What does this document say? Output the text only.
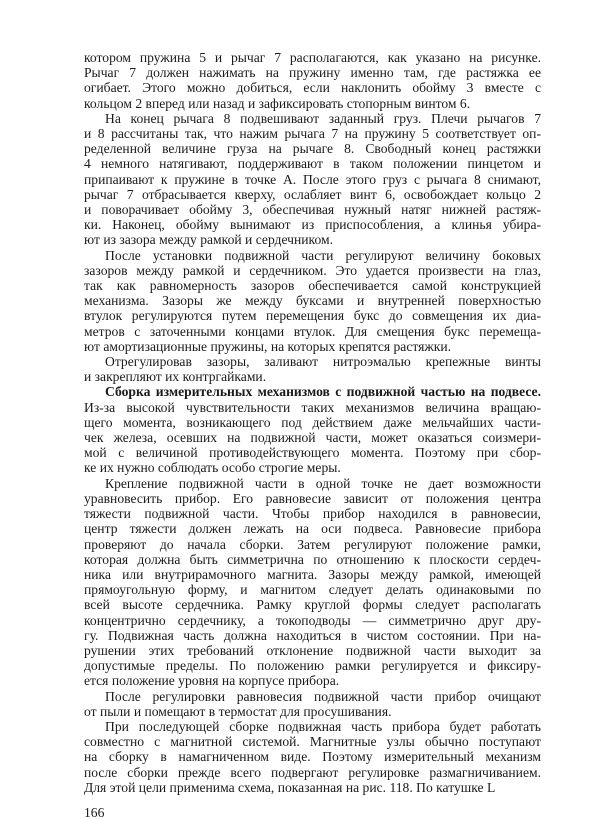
котором пружина 5 и рычаг 7 располагаются, как указано на рисунке.
Рычаг 7 должен нажимать на пружину именно там, где растяжка ее
огибает. Этого можно добиться, если наклонить обойму 3 вместе с
кольцом 2 вперед или назад и зафиксировать стопорным винтом 6.
На конец рычага 8 подвешивают заданный груз. Плечи рычагов 7
и 8 рассчитаны так, что нажим рычага 7 на пружину 5 соответствует оп-
ределенной величине груза на рычаге 8. Свободный конец растяжки
4 немного натягивают, поддерживают в таком положении пинцетом и
припаивают к пружине в точке A. После этого груз с рычага 8 снимают,
рычаг 7 отбрасывается кверху, ослабляет винт 6, освобождает кольцо 2
и поворачивает обойму 3, обеспечивая нужный натяг нижней растяж-
ки. Наконец, обойму вынимают из приспособления, а клинья убира-
ют из зазора между рамкой и сердечником.
После установки подвижной части регулируют величину боковых
зазоров между рамкой и сердечником. Это удается произвести на глаз,
так как равномерность зазоров обеспечивается самой конструкцией
механизма. Зазоры же между буксами и внутренней поверхностью
втулок регулируются путем перемещения букс до совмещения их диа-
метров с заточенными концами втулок. Для смещения букс перемеща-
ют амортизационные пружины, на которых крепятся растяжки.
Отрегулировав зазоры, заливают нитроэмалью крепежные винты
и закрепляют их контргайками.
Сборка измерительных механизмов с подвижной частью на подвесе.
Из-за высокой чувствительности таких механизмов величина вращаю-
щего момента, возникающего под действием даже мельчайших части-
чек железа, осевших на подвижной части, может оказаться соизмери-
мой с величиной противодействующего момента. Поэтому при сбор-
ке их нужно соблюдать особо строгие меры.
Крепление подвижной части в одной точке не дает возможности
уравновесить прибор. Его равновесие зависит от положения центра
тяжести подвижной части. Чтобы прибор находился в равновесии,
центр тяжести должен лежать на оси подвеса. Равновесие прибора
проверяют до начала сборки. Затем регулируют положение рамки,
которая должна быть симметрична по отношению к плоскости сердеч-
ника или внутрирамочного магнита. Зазоры между рамкой, имеющей
прямоугольную форму, и магнитом следует делать одинаковыми по
всей высоте сердечника. Рамку круглой формы следует располагать
концентрично сердечнику, а токоподводы — симметрично друг дру-
гу. Подвижная часть должна находиться в чистом состоянии. При на-
рушении этих требований отклонение подвижной части выходит за
допустимые пределы. По положению рамки регулируется и фиксиру-
ется положение уровня на корпусе прибора.
После регулировки равновесия подвижной части прибор очищают
от пыли и помещают в термостат для просушивания.
При последующей сборке подвижная часть прибора будет работать
совместно с магнитной системой. Магнитные узлы обычно поступают
на сборку в намагниченном виде. Поэтому измерительный механизм
после сборки прежде всего подвергают регулировке размагничиванием.
Для этой цели применима схема, показанная на рис. 118. По катушке L
166
